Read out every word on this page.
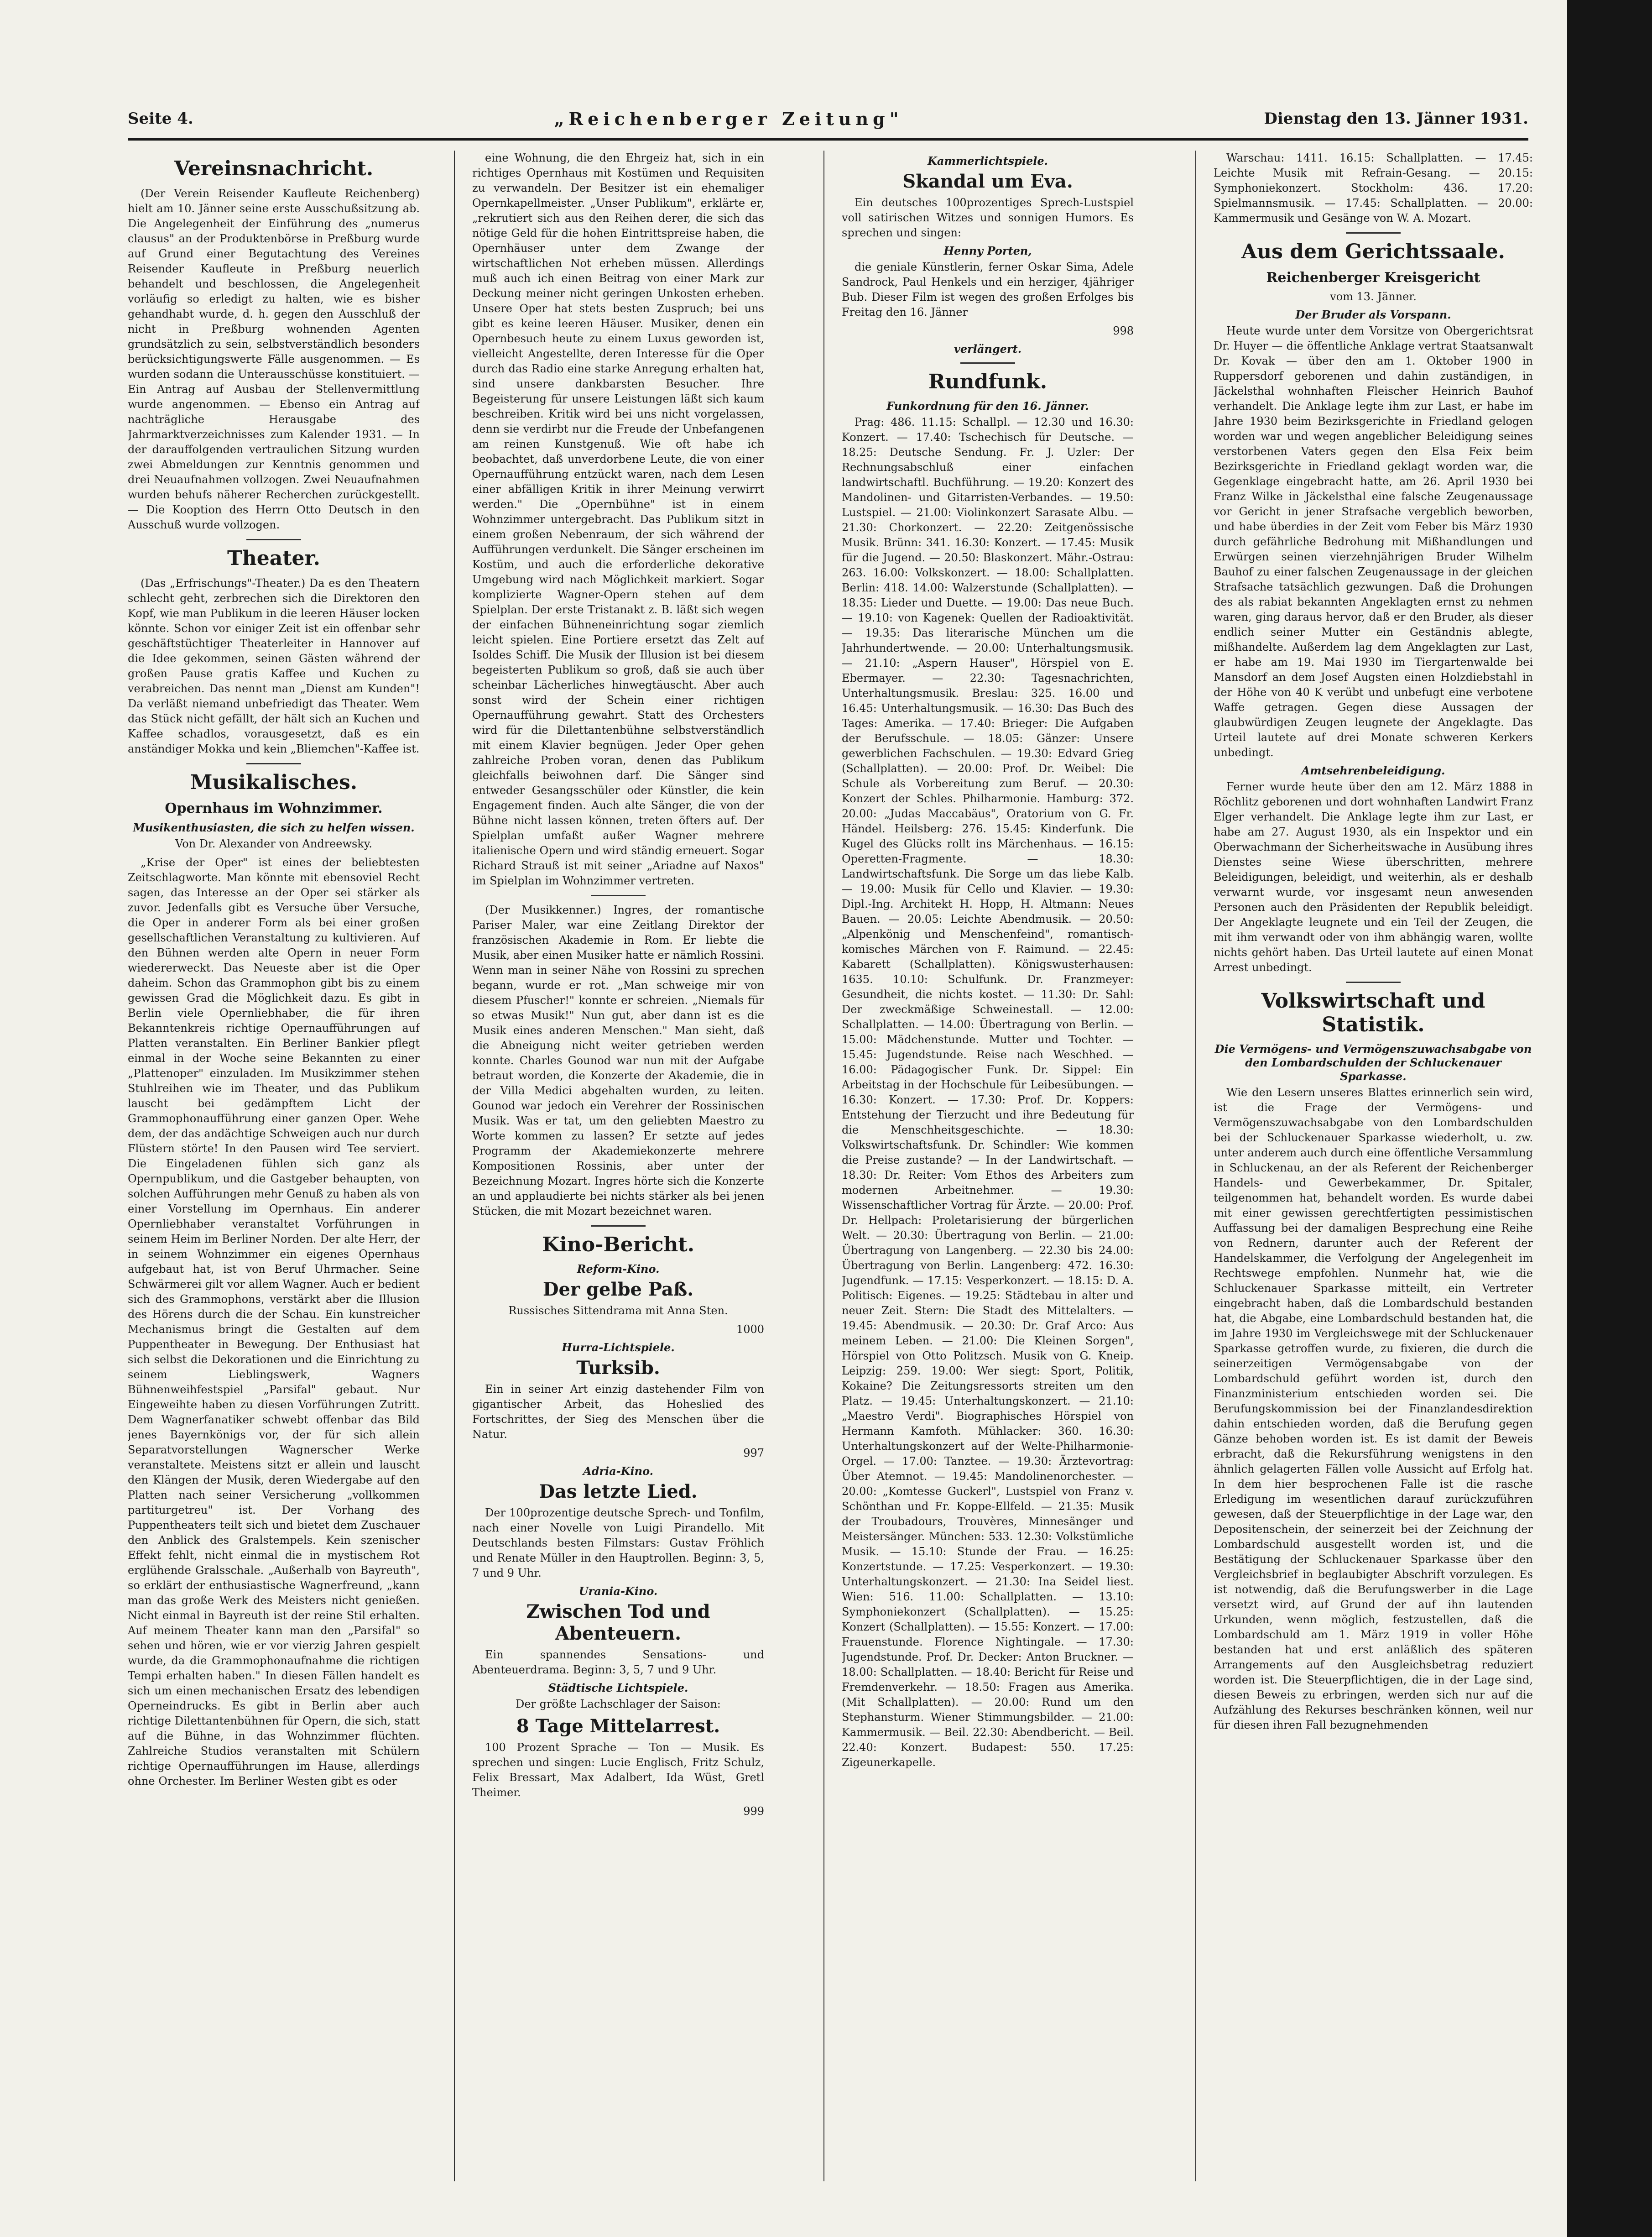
Seite 4.	„Reichenberger Zeitung"	Dienstag den 13. Jänner 1931.
Vereinsnachricht.

(Der Verein Reisender Kaufleute Reichenberg) hielt am 10. Jänner seine erste Ausschußsitzung ab. Die Angelegenheit der Einführung des „numerus clausus" an der Produktenbörse in Preßburg wurde auf Grund einer Begutachtung des Vereines Reisender Kaufleute in Preßburg neuerlich behandelt und beschlossen, die Angelegenheit vorläufig so erledigt zu halten, wie es bisher gehandhabt wurde, d. h. gegen den Ausschluß der nicht in Preßburg wohnenden Agenten grundsätzlich zu sein, selbstverständlich besonders berücksichtigungswerte Fälle ausgenommen. — Es wurden sodann die Unterausschüsse konstituiert. — Ein Antrag auf Ausbau der Stellenvermittlung wurde angenommen. — Ebenso ein Antrag auf nachträgliche Herausgabe des Jahrmarktverzeichnisses zum Kalender 1931. — In der darauffolgenden vertraulichen Sitzung wurden zwei Abmeldungen zur Kenntnis genommen und drei Neuaufnahmen vollzogen. Zwei Neuaufnahmen wurden behufs näherer Recherchen zurückgestellt. — Die Kooption des Herrn Otto Deutsch in den Ausschuß wurde vollzogen.

Theater.

(Das „Erfrischungs"-Theater.) Da es den Theatern schlecht geht, zerbrechen sich die Direktoren den Kopf, wie man Publikum in die leeren Häuser locken könnte. Schon vor einiger Zeit ist ein offenbar sehr geschäftstüchtiger Theaterleiter in Hannover auf die Idee gekommen, seinen Gästen während der großen Pause gratis Kaffee und Kuchen zu verabreichen. Das nennt man „Dienst am Kunden"! Da verläßt niemand unbefriedigt das Theater. Wem das Stück nicht gefällt, der hält sich an Kuchen und Kaffee schadlos, vorausgesetzt, daß es ein anständiger Mokka und kein „Bliemchen"-Kaffee ist.

Musikalisches.
Opernhaus im Wohnzimmer.
Musikenthusiasten, die sich zu helfen wissen.

Von Dr. Alexander von Andreewsky.

„Krise der Oper" ist eines der beliebtesten Zeitschlagworte. Man könnte mit ebensoviel Recht sagen, das Interesse an der Oper sei stärker als zuvor. Jedenfalls gibt es Versuche über Versuche, die Oper in anderer Form als bei einer großen gesellschaftlichen Veranstaltung zu kultivieren. Auf den Bühnen werden alte Opern in neuer Form wiedererweckt. Das Neueste aber ist die Oper daheim. Schon das Grammophon gibt bis zu einem gewissen Grad die Möglichkeit dazu. Es gibt in Berlin viele Opernliebhaber, die für ihren Bekanntenkreis richtige Opernaufführungen auf Platten veranstalten. Ein Berliner Bankier pflegt einmal in der Woche seine Bekannten zu einer „Plattenoper" einzuladen. Im Musikzimmer stehen Stuhlreihen wie im Theater, und das Publikum lauscht bei gedämpftem Licht der Grammophonaufführung einer ganzen Oper. Wehe dem, der das andächtige Schweigen auch nur durch Flüstern störte! In den Pausen wird Tee serviert. Die Eingeladenen fühlen sich ganz als Opernpublikum, und die Gastgeber behaupten, von solchen Aufführungen mehr Genuß zu haben als von einer Vorstellung im Opernhaus. Ein anderer Opernliebhaber veranstaltet Vorführungen in seinem Heim im Berliner Norden. Der alte Herr, der in seinem Wohnzimmer ein eigenes Opernhaus aufgebaut hat, ist von Beruf Uhrmacher. Seine Schwärmerei gilt vor allem Wagner. Auch er bedient sich des Grammophons, verstärkt aber die Illusion des Hörens durch die der Schau. Ein kunstreicher Mechanismus bringt die Gestalten auf dem Puppentheater in Bewegung. Der Enthusiast hat sich selbst die Dekorationen und die Einrichtung zu seinem Lieblingswerk, Wagners Bühnenweihfestspiel „Parsifal" gebaut. Nur Eingeweihte haben zu diesen Vorführungen Zutritt. Dem Wagnerfanatiker schwebt offenbar das Bild jenes Bayernkönigs vor, der für sich allein Separatvorstellungen Wagnerscher Werke veranstaltete. Meistens sitzt er allein und lauscht den Klängen der Musik, deren Wiedergabe auf den Platten nach seiner Versicherung „vollkommen partiturgetreu" ist. Der Vorhang des Puppentheaters teilt sich und bietet dem Zuschauer den Anblick des Gralstempels. Kein szenischer Effekt fehlt, nicht einmal die in mystischem Rot erglühende Gralsschale. „Außerhalb von Bayreuth", so erklärt der enthusiastische Wagnerfreund, „kann man das große Werk des Meisters nicht genießen. Nicht einmal in Bayreuth ist der reine Stil erhalten. Auf meinem Theater kann man den „Parsifal" so sehen und hören, wie er vor vierzig Jahren gespielt wurde, da die Grammophonaufnahme die richtigen Tempi erhalten haben." In diesen Fällen handelt es sich um einen mechanischen Ersatz des lebendigen Operneindrucks. Es gibt in Berlin aber auch richtige Dilettantenbühnen für Opern, die sich, statt auf die Bühne, in das Wohnzimmer flüchten. Zahlreiche Studios veranstalten mit Schülern richtige Opernaufführungen im Hause, allerdings ohne Orchester. Im Berliner Westen gibt es oder

eine Wohnung, die den Ehrgeiz hat, sich in ein richtiges Opernhaus mit Kostümen und Requisiten zu verwandeln. Der Besitzer ist ein ehemaliger Opernkapellmeister. „Unser Publikum", erklärte er, „rekrutiert sich aus den Reihen derer, die sich das nötige Geld für die hohen Eintrittspreise haben, die Opernhäuser unter dem Zwange der wirtschaftlichen Not erheben müssen. Allerdings muß auch ich einen Beitrag von einer Mark zur Deckung meiner nicht geringen Unkosten erheben. Unsere Oper hat stets besten Zuspruch; bei uns gibt es keine leeren Häuser. Musiker, denen ein Opernbesuch heute zu einem Luxus geworden ist, vielleicht Angestellte, deren Interesse für die Oper durch das Radio eine starke Anregung erhalten hat, sind unsere dankbarsten Besucher. Ihre Begeisterung für unsere Leistungen läßt sich kaum beschreiben. Kritik wird bei uns nicht vorgelassen, denn sie verdirbt nur die Freude der Unbefangenen am reinen Kunstgenuß. Wie oft habe ich beobachtet, daß unverdorbene Leute, die von einer Opernaufführung entzückt waren, nach dem Lesen einer abfälligen Kritik in ihrer Meinung verwirrt werden." Die „Opernbühne" ist in einem Wohnzimmer untergebracht. Das Publikum sitzt in einem großen Nebenraum, der sich während der Aufführungen verdunkelt. Die Sänger erscheinen im Kostüm, und auch die erforderliche dekorative Umgebung wird nach Möglichkeit markiert. Sogar komplizierte Wagner-Opern stehen auf dem Spielplan. Der erste Tristanakt z. B. läßt sich wegen der einfachen Bühneneinrichtung sogar ziemlich leicht spielen. Eine Portiere ersetzt das Zelt auf Isoldes Schiff. Die Musik der Illusion ist bei diesem begeisterten Publikum so groß, daß sie auch über scheinbar Lächerliches hinwegtäuscht. Aber auch sonst wird der Schein einer richtigen Opernaufführung gewahrt. Statt des Orchesters wird für die Dilettantenbühne selbstverständlich mit einem Klavier begnügen. Jeder Oper gehen zahlreiche Proben voran, denen das Publikum gleichfalls beiwohnen darf. Die Sänger sind entweder Gesangsschüler oder Künstler, die kein Engagement finden. Auch alte Sänger, die von der Bühne nicht lassen können, treten öfters auf. Der Spielplan umfaßt außer Wagner mehrere italienische Opern und wird ständig erneuert. Sogar Richard Strauß ist mit seiner „Ariadne auf Naxos" im Spielplan im Wohnzimmer vertreten.

(Der Musikkenner.) Ingres, der romantische Pariser Maler, war eine Zeitlang Direktor der französischen Akademie in Rom. Er liebte die Musik, aber einen Musiker hatte er nämlich Rossini. Wenn man in seiner Nähe von Rossini zu sprechen begann, wurde er rot. „Man schweige mir von diesem Pfuscher!" konnte er schreien. „Niemals für so etwas Musik!" Nun gut, aber dann ist es die Musik eines anderen Menschen." Man sieht, daß die Abneigung nicht weiter getrieben werden konnte. Charles Gounod war nun mit der Aufgabe betraut worden, die Konzerte der Akademie, die in der Villa Medici abgehalten wurden, zu leiten. Gounod war jedoch ein Verehrer der Rossinischen Musik. Was er tat, um den geliebten Maestro zu Worte kommen zu lassen? Er setzte auf jedes Programm der Akademiekonzerte mehrere Kompositionen Rossinis, aber unter der Bezeichnung Mozart. Ingres hörte sich die Konzerte an und applaudierte bei nichts stärker als bei jenen Stücken, die mit Mozart bezeichnet waren.

Kino-Bericht.
Reform-Kino.
Der gelbe Paß.

Russisches Sittendrama mit Anna Sten.

1000

Hurra-Lichtspiele.
Turksib.

Ein in seiner Art einzig dastehender Film von gigantischer Arbeit, das Hoheslied des Fortschrittes, der Sieg des Menschen über die Natur.

997

Adria-Kino.
Das letzte Lied.

Der 100prozentige deutsche Sprech- und Tonfilm, nach einer Novelle von Luigi Pirandello. Mit Deutschlands besten Filmstars: Gustav Fröhlich und Renate Müller in den Hauptrollen. Beginn: 3, 5, 7 und 9 Uhr.

Urania-Kino.
Zwischen Tod und Abenteuern.

Ein spannendes Sensations- und Abenteuerdrama. Beginn: 3, 5, 7 und 9 Uhr.

Städtische Lichtspiele.

Der größte Lachschlager der Saison:

8 Tage Mittelarrest.

100 Prozent Sprache — Ton — Musik. Es sprechen und singen: Lucie Englisch, Fritz Schulz, Felix Bressart, Max Adalbert, Ida Wüst, Gretl Theimer.

999

Kammerlichtspiele.
Skandal um Eva.

Ein deutsches 100prozentiges Sprech-Lustspiel voll satirischen Witzes und sonnigen Humors. Es sprechen und singen:

Henny Porten,

die geniale Künstlerin, ferner Oskar Sima, Adele Sandrock, Paul Henkels und ein herziger, 4jähriger Bub. Dieser Film ist wegen des großen Erfolges bis Freitag den 16. Jänner

998

verlängert.
Rundfunk.
Funkordnung für den 16. Jänner.

Prag: 486. 11.15: Schallpl. — 12.30 und 16.30: Konzert. — 17.40: Tschechisch für Deutsche. — 18.25: Deutsche Sendung. Fr. J. Uzler: Der Rechnungsabschluß einer einfachen landwirtschaftl. Buchführung. — 19.20: Konzert des Mandolinen- und Gitarristen-Verbandes. — 19.50: Lustspiel. — 21.00: Violinkonzert Sarasate Albu. — 21.30: Chorkonzert. — 22.20: Zeitgenössische Musik. Brünn: 341. 16.30: Konzert. — 17.45: Musik für die Jugend. — 20.50: Blaskonzert. Mähr.-Ostrau: 263. 16.00: Volkskonzert. — 18.00: Schallplatten. Berlin: 418. 14.00: Walzerstunde (Schallplatten). — 18.35: Lieder und Duette. — 19.00: Das neue Buch. — 19.10: von Kagenek: Quellen der Radioaktivität. — 19.35: Das literarische München um die Jahrhundertwende. — 20.00: Unterhaltungsmusik. — 21.10: „Aspern Hauser", Hörspiel von E. Ebermayer. — 22.30: Tagesnachrichten, Unterhaltungsmusik. Breslau: 325. 16.00 und 16.45: Unterhaltungsmusik. — 16.30: Das Buch des Tages: Amerika. — 17.40: Brieger: Die Aufgaben der Berufsschule. — 18.05: Gänzer: Unsere gewerblichen Fachschulen. — 19.30: Edvard Grieg (Schallplatten). — 20.00: Prof. Dr. Weibel: Die Schule als Vorbereitung zum Beruf. — 20.30: Konzert der Schles. Philharmonie. Hamburg: 372. 20.00: „Judas Maccabäus", Oratorium von G. Fr. Händel. Heilsberg: 276. 15.45: Kinderfunk. Die Kugel des Glücks rollt ins Märchenhaus. — 16.15: Operetten-Fragmente. — 18.30: Landwirtschaftsfunk. Die Sorge um das liebe Kalb. — 19.00: Musik für Cello und Klavier. — 19.30: Dipl.-Ing. Architekt H. Hopp, H. Altmann: Neues Bauen. — 20.05: Leichte Abendmusik. — 20.50: „Alpenkönig und Menschenfeind", romantisch-komisches Märchen von F. Raimund. — 22.45: Kabarett (Schallplatten). Königswusterhausen: 1635. 10.10: Schulfunk. Dr. Franzmeyer: Gesundheit, die nichts kostet. — 11.30: Dr. Sahl: Der zweckmäßige Schweinestall. — 12.00: Schallplatten. — 14.00: Übertragung von Berlin. — 15.00: Mädchenstunde. Mutter und Tochter. — 15.45: Jugendstunde. Reise nach Weschhed. — 16.00: Pädagogischer Funk. Dr. Sippel: Ein Arbeitstag in der Hochschule für Leibesübungen. — 16.30: Konzert. — 17.30: Prof. Dr. Koppers: Entstehung der Tierzucht und ihre Bedeutung für die Menschheitsgeschichte. — 18.30: Volkswirtschaftsfunk. Dr. Schindler: Wie kommen die Preise zustande? — In der Landwirtschaft. — 18.30: Dr. Reiter: Vom Ethos des Arbeiters zum modernen Arbeitnehmer. — 19.30: Wissenschaftlicher Vortrag für Ärzte. — 20.00: Prof. Dr. Hellpach: Proletarisierung der bürgerlichen Welt. — 20.30: Übertragung von Berlin. — 21.00: Übertragung von Langenberg. — 22.30 bis 24.00: Übertragung von Berlin. Langenberg: 472. 16.30: Jugendfunk. — 17.15: Vesperkonzert. — 18.15: D. A. Politisch: Eigenes. — 19.25: Städtebau in alter und neuer Zeit. Stern: Die Stadt des Mittelalters. — 19.45: Abendmusik. — 20.30: Dr. Graf Arco: Aus meinem Leben. — 21.00: Die Kleinen Sorgen", Hörspiel von Otto Politzsch. Musik von G. Kneip. Leipzig: 259. 19.00: Wer siegt: Sport, Politik, Kokaine? Die Zeitungsressorts streiten um den Platz. — 19.45: Unterhaltungskonzert. — 21.10: „Maestro Verdi". Biographisches Hörspiel von Hermann Kamfoth. Mühlacker: 360. 16.30: Unterhaltungskonzert auf der Welte-Philharmonie-Orgel. — 17.00: Tanztee. — 19.30: Ärztevortrag: Über Atemnot. — 19.45: Mandolinenorchester. — 20.00: „Komtesse Guckerl", Lustspiel von Franz v. Schönthan und Fr. Koppe-Ellfeld. — 21.35: Musik der Troubadours, Trouvères, Minnesänger und Meistersänger. München: 533. 12.30: Volkstümliche Musik. — 15.10: Stunde der Frau. — 16.25: Konzertstunde. — 17.25: Vesperkonzert. — 19.30: Unterhaltungskonzert. — 21.30: Ina Seidel liest. Wien: 516. 11.00: Schallplatten. — 13.10: Symphoniekonzert (Schallplatten). — 15.25: Konzert (Schallplatten). — 15.55: Konzert. — 17.00: Frauenstunde. Florence Nightingale. — 17.30: Jugendstunde. Prof. Dr. Decker: Anton Bruckner. — 18.00: Schallplatten. — 18.40: Bericht für Reise und Fremdenverkehr. — 18.50: Fragen aus Amerika. (Mit Schallplatten). — 20.00: Rund um den Stephansturm. Wiener Stimmungsbilder. — 21.00: Kammermusik. — Beil. 22.30: Abendbericht. — Beil. 22.40: Konzert. Budapest: 550. 17.25: Zigeunerkapelle.

Warschau: 1411. 16.15: Schallplatten. — 17.45: Leichte Musik mit Refrain-Gesang. — 20.15: Symphoniekonzert. Stockholm: 436. 17.20: Spielmannsmusik. — 17.45: Schallplatten. — 20.00: Kammermusik und Gesänge von W. A. Mozart.

Aus dem Gerichtssaale.
Reichenberger Kreisgericht

vom 13. Jänner.

Der Bruder als Vorspann.

Heute wurde unter dem Vorsitze von Obergerichtsrat Dr. Huyer — die öffentliche Anklage vertrat Staatsanwalt Dr. Kovak — über den am 1. Oktober 1900 in Ruppersdorf geborenen und dahin zuständigen, in Jäckelsthal wohnhaften Fleischer Heinrich Bauhof verhandelt. Die Anklage legte ihm zur Last, er habe im Jahre 1930 beim Bezirksgerichte in Friedland gelogen worden war und wegen angeblicher Beleidigung seines verstorbenen Vaters gegen den Elsa Feix beim Bezirksgerichte in Friedland geklagt worden war, die Gegenklage eingebracht hatte, am 26. April 1930 bei Franz Wilke in Jäckelsthal eine falsche Zeugenaussage vor Gericht in jener Strafsache vergeblich beworben, und habe überdies in der Zeit vom Feber bis März 1930 durch gefährliche Bedrohung mit Mißhandlungen und Erwürgen seinen vierzehnjährigen Bruder Wilhelm Bauhof zu einer falschen Zeugenaussage in der gleichen Strafsache tatsächlich gezwungen. Daß die Drohungen des als rabiat bekannten Angeklagten ernst zu nehmen waren, ging daraus hervor, daß er den Bruder, als dieser endlich seiner Mutter ein Geständnis ablegte, mißhandelte. Außerdem lag dem Angeklagten zur Last, er habe am 19. Mai 1930 im Tiergartenwalde bei Mansdorf an dem Josef Augsten einen Holzdiebstahl in der Höhe von 40 K verübt und unbefugt eine verbotene Waffe getragen. Gegen diese Aussagen der glaubwürdigen Zeugen leugnete der Angeklagte. Das Urteil lautete auf drei Monate schweren Kerkers unbedingt.

Amtsehrenbeleidigung.

Ferner wurde heute über den am 12. März 1888 in Röchlitz geborenen und dort wohnhaften Landwirt Franz Elger verhandelt. Die Anklage legte ihm zur Last, er habe am 27. August 1930, als ein Inspektor und ein Oberwachmann der Sicherheitswache in Ausübung ihres Dienstes seine Wiese überschritten, mehrere Beleidigungen, beleidigt, und weiterhin, als er deshalb verwarnt wurde, vor insgesamt neun anwesenden Personen auch den Präsidenten der Republik beleidigt. Der Angeklagte leugnete und ein Teil der Zeugen, die mit ihm verwandt oder von ihm abhängig waren, wollte nichts gehört haben. Das Urteil lautete auf einen Monat Arrest unbedingt.

Volkswirtschaft und Statistik.
Die Vermögens- und Vermögenszuwachsabgabe von den Lombardschulden der Schluckenauer Sparkasse.

Wie den Lesern unseres Blattes erinnerlich sein wird, ist die Frage der Vermögens- und Vermögenszuwachsabgabe von den Lombardschulden bei der Schluckenauer Sparkasse wiederholt, u. zw. unter anderem auch durch eine öffentliche Versammlung in Schluckenau, an der als Referent der Reichenberger Handels- und Gewerbekammer, Dr. Spitaler, teilgenommen hat, behandelt worden. Es wurde dabei mit einer gewissen gerechtfertigten pessimistischen Auffassung bei der damaligen Besprechung eine Reihe von Rednern, darunter auch der Referent der Handelskammer, die Verfolgung der Angelegenheit im Rechtswege empfohlen. Nunmehr hat, wie die Schluckenauer Sparkasse mitteilt, ein Vertreter eingebracht haben, daß die Lombardschuld bestanden hat, die Abgabe, eine Lombardschuld bestanden hat, die im Jahre 1930 im Vergleichswege mit der Schluckenauer Sparkasse getroffen wurde, zu fixieren, die durch die seinerzeitigen Vermögensabgabe von der Lombardschuld geführt worden ist, durch den Finanzministerium entschieden worden sei. Die Berufungskommission bei der Finanzlandesdirektion dahin entschieden worden, daß die Berufung gegen Gänze behoben worden ist. Es ist damit der Beweis erbracht, daß die Rekursführung wenigstens in den ähnlich gelagerten Fällen volle Aussicht auf Erfolg hat. In dem hier besprochenen Falle ist die rasche Erledigung im wesentlichen darauf zurückzuführen gewesen, daß der Steuerpflichtige in der Lage war, den Depositenschein, der seinerzeit bei der Zeichnung der Lombardschuld ausgestellt worden ist, und die Bestätigung der Schluckenauer Sparkasse über den Vergleichsbrief in beglaubigter Abschrift vorzulegen. Es ist notwendig, daß die Berufungswerber in die Lage versetzt wird, auf Grund der auf ihn lautenden Urkunden, wenn möglich, festzustellen, daß die Lombardschuld am 1. März 1919 in voller Höhe bestanden hat und erst anläßlich des späteren Arrangements auf den Ausgleichsbetrag reduziert worden ist. Die Steuerpflichtigen, die in der Lage sind, diesen Beweis zu erbringen, werden sich nur auf die Aufzählung des Rekurses beschränken können, weil nur für diesen ihren Fall bezugnehmenden
